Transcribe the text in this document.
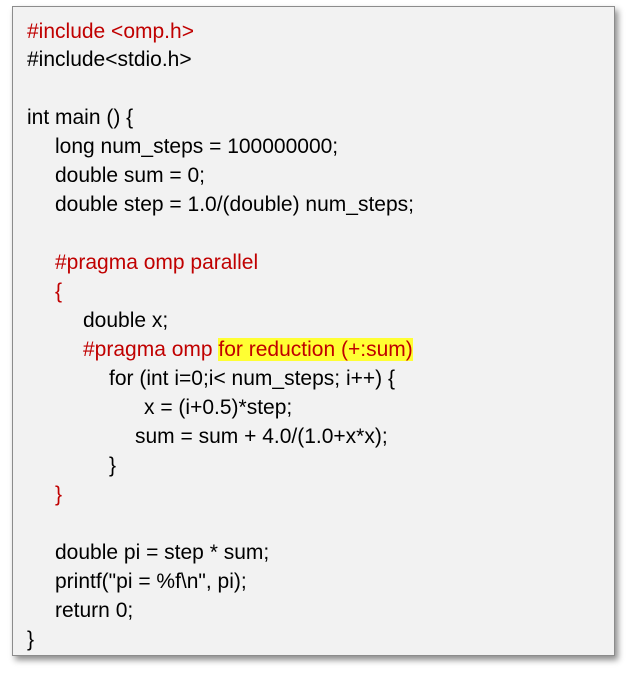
#include <omp.h>
#include<stdio.h>
int main () {
long num_steps = 100000000;
double sum = 0;
double step = 1.0/(double) num_steps;
#pragma omp parallel
{
double x;
#pragma omp for reduction (+:sum)
for (int i=0;i< num_steps; i++) {
x = (i+0.5)*step;
sum = sum + 4.0/(1.0+x*x);
}
}
double pi = step * sum;
printf("pi = %f\n", pi);
return 0;
}
